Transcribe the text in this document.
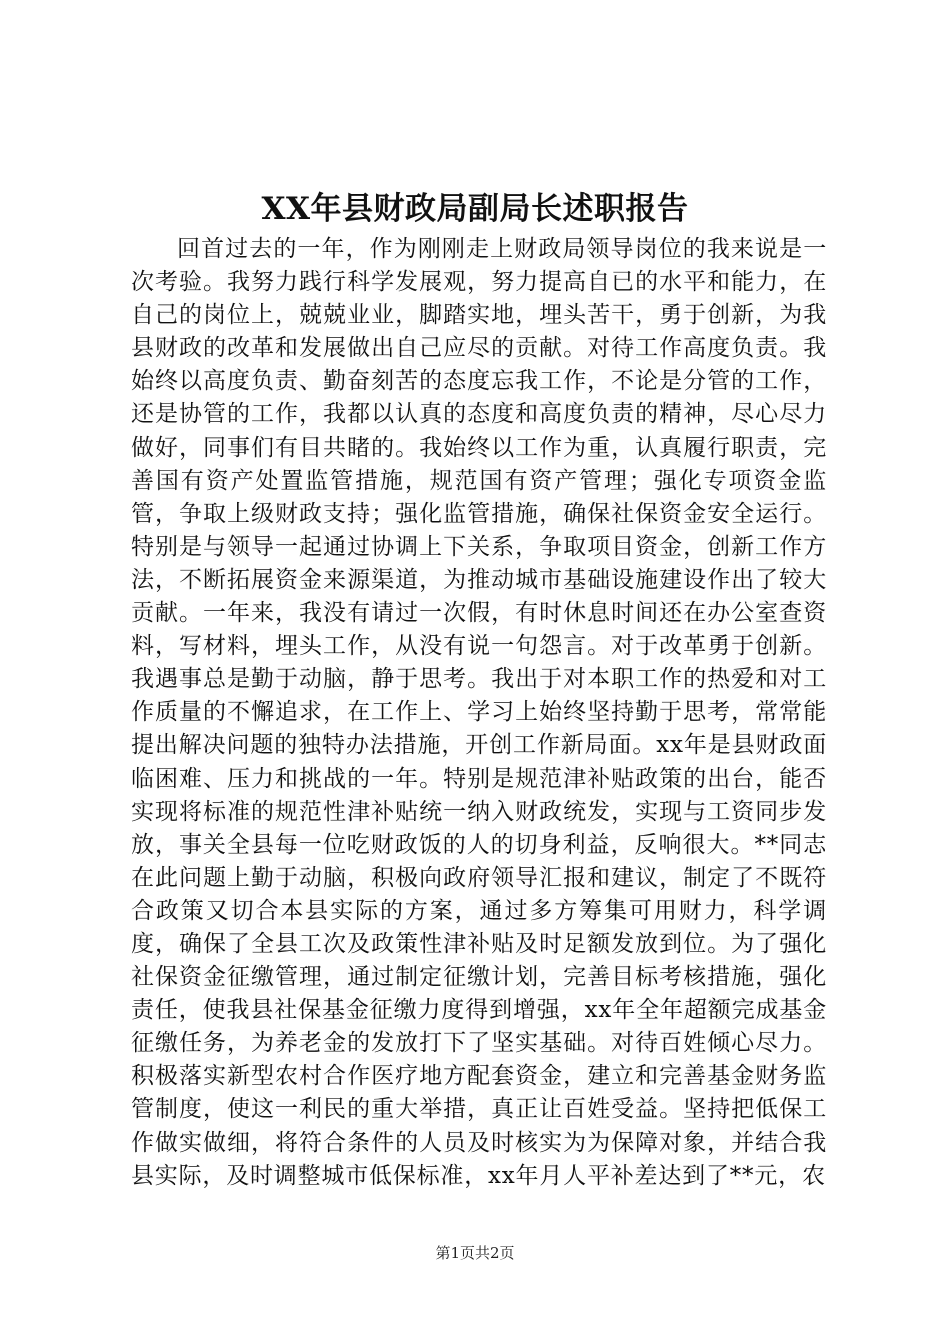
XX年县财政局副局长述职报告

回首过去的一年，作为刚刚走上财政局领导岗位的我来说是一次考验。我努力践行科学发展观，努力提高自已的水平和能力，在自己的岗位上，兢兢业业，脚踏实地，埋头苦干，勇于创新，为我县财政的改革和发展做出自己应尽的贡献。对待工作高度负责。我始终以高度负责、勤奋刻苦的态度忘我工作，不论是分管的工作，还是协管的工作，我都以认真的态度和高度负责的精神，尽心尽力做好，同事们有目共睹的。我始终以工作为重，认真履行职责，完善国有资产处置监管措施，规范国有资产管理；强化专项资金监管，争取上级财政支持；强化监管措施，确保社保资金安全运行。特别是与领导一起通过协调上下关系，争取项目资金，创新工作方法，不断拓展资金来源渠道，为推动城市基础设施建设作出了较大贡献。一年来，我没有请过一次假，有时休息时间还在办公室查资料，写材料，埋头工作，从没有说一句怨言。对于改革勇于创新。我遇事总是勤于动脑，静于思考。我出于对本职工作的热爱和对工作质量的不懈追求，在工作上、学习上始终坚持勤于思考，常常能提出解决问题的独特办法措施，开创工作新局面。xx年是县财政面临困难、压力和挑战的一年。特别是规范津补贴政策的出台，能否实现将标准的规范性津补贴统一纳入财政统发，实现与工资同步发放，事关全县每一位吃财政饭的人的切身利益，反响很大。**同志在此问题上勤于动脑，积极向政府领导汇报和建议，制定了不既符合政策又切合本县实际的方案，通过多方筹集可用财力，科学调度，确保了全县工次及政策性津补贴及时足额发放到位。为了强化社保资金征缴管理，通过制定征缴计划，完善目标考核措施，强化责任，使我县社保基金征缴力度得到增强，xx年全年超额完成基金征缴任务，为养老金的发放打下了坚实基础。对待百姓倾心尽力。积极落实新型农村合作医疗地方配套资金，建立和完善基金财务监管制度，使这一利民的重大举措，真正让百姓受益。坚持把低保工作做实做细，将符合条件的人员及时核实为为保障对象，并结合我县实际，及时调整城市低保标准，xx年月人平补差达到了**元，农

第1页共2页
